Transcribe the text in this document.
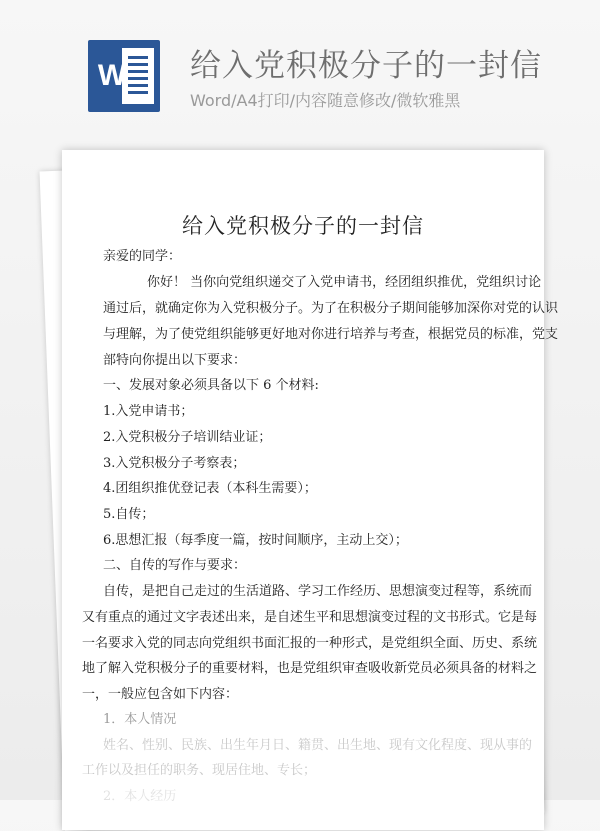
W 给入党积极分子的一封信
Word/A4打印/内容随意修改/微软雅黑
给入党积极分子的一封信
亲爱的同学：
你好！ 当你向党组织递交了入党申请书，经团组织推优，党组织讨论
通过后，就确定你为入党积极分子。为了在积极分子期间能够加深你对党的认识
与理解，为了使党组织能够更好地对你进行培养与考查，根据党员的标准，党支
部特向你提出以下要求：
一、发展对象必须具备以下 6 个材料:
1.入党申请书；
2.入党积极分子培训结业证；
3.入党积极分子考察表；
4.团组织推优登记表（本科生需要）；
5.自传；
6.思想汇报（每季度一篇，按时间顺序，主动上交）；
二、自传的写作与要求：
自传，是把自己走过的生活道路、学习工作经历、思想演变过程等，系统而
又有重点的通过文字表述出来，是自述生平和思想演变过程的文书形式。它是每
一名要求入党的同志向党组织书面汇报的一种形式，是党组织全面、历史、系统
地了解入党积极分子的重要材料，也是党组织审查吸收新党员必须具备的材料之
一，一般应包含如下内容：
1．本人情况
姓名、性别、民族、出生年月日、籍贯、出生地、现有文化程度、现从事的
工作以及担任的职务、现居住地、专长；
2．本人经历
